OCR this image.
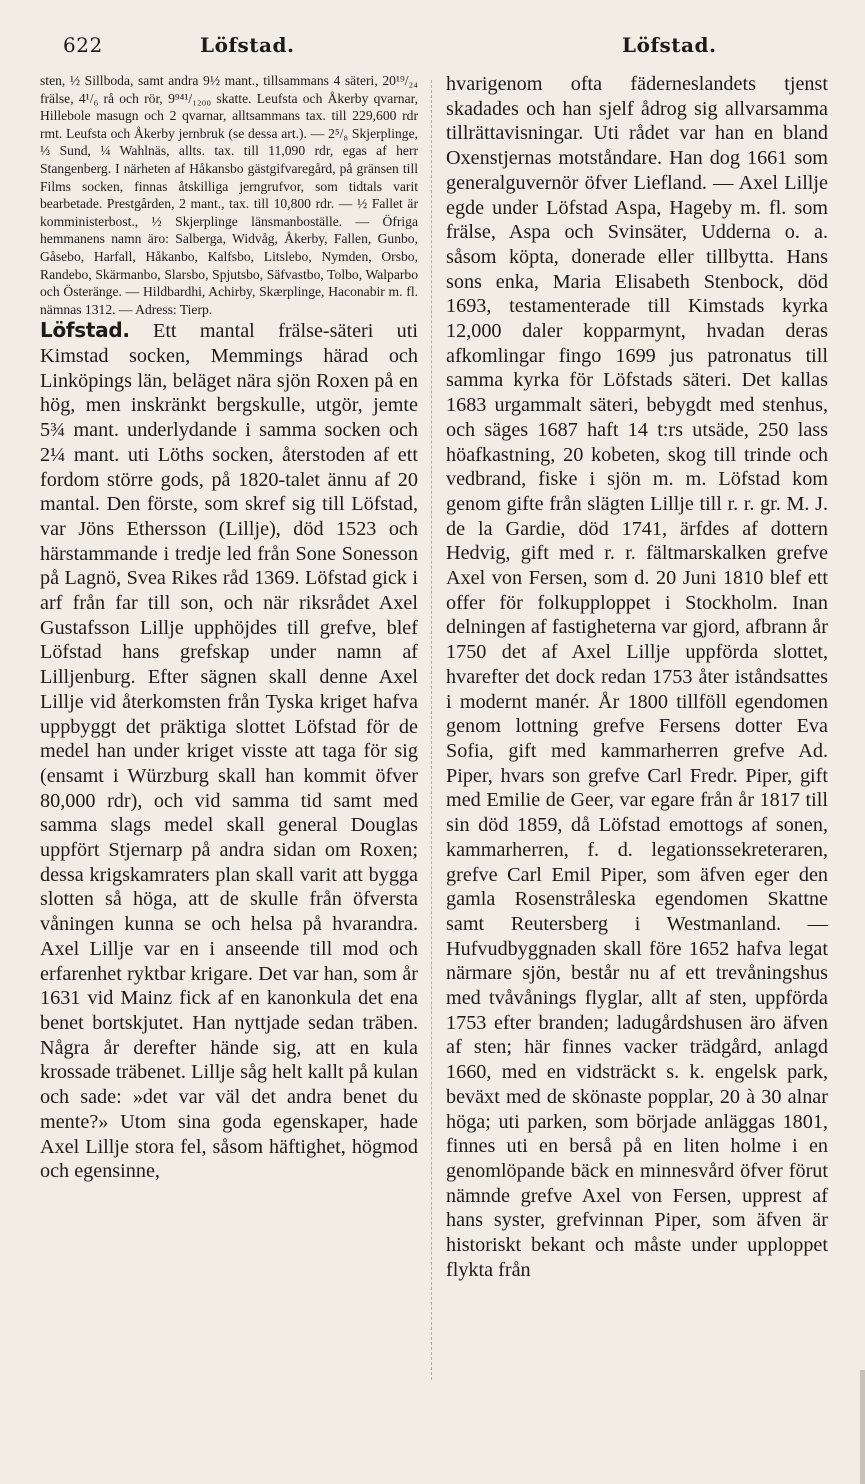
622	Löfstad.	Löfstad.

sten, ½ Sillboda, samt andra 9½ mant., tillsammans 4 säteri, 20¹⁹/₂₄ frälse, 4¹/₆ rå och rör, 9⁹⁴¹/₁₂₀₀ skatte. Leufsta och Åkerby qvarnar, Hillebole masugn och 2 qvarnar, alltsammans tax. till 229,600 rdr rmt. Leufsta och Åkerby jernbruk (se dessa art.). — 2⁵/₈ Skjerplinge, ⅓ Sund, ¼ Wahlnäs, allts. tax. till 11,090 rdr, egas af herr Stangenberg. I närheten af Håkansbo gästgifvaregård, på gränsen till Films socken, finnas åtskilliga jerngrufvor, som tidtals varit bearbetade. Prestgården, 2 mant., tax. till 10,800 rdr. — ½ Fallet är komministerbost., ½ Skjerplinge länsmanboställe. — Öfriga hemmanens namn äro: Salberga, Widvåg, Åkerby, Fallen, Gunbo, Gåsebo, Harfall, Håkanbo, Kalfsbo, Litslebo, Nymden, Orsbo, Randebo, Skärmanbo, Slarsbo, Spjutsbo, Säfvastbo, Tolbo, Walparbo och Österänge. — Hildbardhi, Achirby, Skærplinge, Haconabir m. fl. nämnas 1312. — Adress: Tierp.

Löfstad. Ett mantal frälse-säteri uti Kimstad socken, Memmings härad och Linköpings län, beläget nära sjön Roxen på en hög, men inskränkt bergskulle, utgör, jemte 5¾ mant. underlydande i samma socken och 2¼ mant. uti Löths socken, återstoden af ett fordom större gods, på 1820-talet ännu af 20 mantal. Den förste, som skref sig till Löfstad, var Jöns Ethersson (Lillje), död 1523 och härstammande i tredje led från Sone Sonesson på Lagnö, Svea Rikes råd 1369. Löfstad gick i arf från far till son, och när riksrådet Axel Gustafsson Lillje upphöjdes till grefve, blef Löfstad hans grefskap under namn af Lilljenburg. Efter sägnen skall denne Axel Lillje vid återkomsten från Tyska kriget hafva uppbyggt det präktiga slottet Löfstad för de medel han under kriget visste att taga för sig (ensamt i Würzburg skall han kommit öfver 80,000 rdr), och vid samma tid samt med samma slags medel skall general Douglas uppfört Stjernarp på andra sidan om Roxen; dessa krigskamraters plan skall varit att bygga slotten så höga, att de skulle från öfversta våningen kunna se och helsa på hvarandra. Axel Lillje var en i anseende till mod och erfarenhet ryktbar krigare. Det var han, som år 1631 vid Mainz fick af en kanonkula det ena benet bortskjutet. Han nyttjade sedan träben. Några år derefter hände sig, att en kula krossade träbenet. Lillje såg helt kallt på kulan och sade: »det var väl det andra benet du mente?» Utom sina goda egenskaper, hade Axel Lillje stora fel, såsom häftighet, högmod och egensinne,

hvarigenom ofta fäderneslandets tjenst skadades och han sjelf ådrog sig allvarsamma tillrättavisningar. Uti rådet var han en bland Oxenstjernas motståndare. Han dog 1661 som generalguvernör öfver Liefland. — Axel Lillje egde under Löfstad Aspa, Hageby m. fl. som frälse, Aspa och Svinsäter, Udderna o. a. såsom köpta, donerade eller tillbytta. Hans sons enka, Maria Elisabeth Stenbock, död 1693, testamenterade till Kimstads kyrka 12,000 daler kopparmynt, hvadan deras afkomlingar fingo 1699 jus patronatus till samma kyrka för Löfstads säteri. Det kallas 1683 urgammalt säteri, bebygdt med stenhus, och säges 1687 haft 14 t:rs utsäde, 250 lass höafkastning, 20 kobeten, skog till trinde och vedbrand, fiske i sjön m. m. Löfstad kom genom gifte från slägten Lillje till r. r. gr. M. J. de la Gardie, död 1741, ärfdes af dottern Hedvig, gift med r. r. fältmarskalken grefve Axel von Fersen, som d. 20 Juni 1810 blef ett offer för folkupploppet i Stockholm. Inan delningen af fastigheterna var gjord, afbrann år 1750 det af Axel Lillje uppförda slottet, hvarefter det dock redan 1753 åter iståndsattes i modernt manér. År 1800 tillföll egendomen genom lottning grefve Fersens dotter Eva Sofia, gift med kammarherren grefve Ad. Piper, hvars son grefve Carl Fredr. Piper, gift med Emilie de Geer, var egare från år 1817 till sin död 1859, då Löfstad emottogs af sonen, kammarherren, f. d. legationssekreteraren, grefve Carl Emil Piper, som äfven eger den gamla Rosenstråleska egendomen Skattne samt Reutersberg i Westmanland. — Hufvudbyggnaden skall före 1652 hafva legat närmare sjön, består nu af ett trevåningshus med tvåvånings flyglar, allt af sten, uppförda 1753 efter branden; ladugårdshusen äro äfven af sten; här finnes vacker trädgård, anlagd 1660, med en vidsträckt s. k. engelsk park, beväxt med de skönaste popplar, 20 à 30 alnar höga; uti parken, som började anläggas 1801, finnes uti en berså på en liten holme i en genomlöpande bäck en minnesvård öfver förut nämnde grefve Axel von Fersen, upprest af hans syster, grefvinnan Piper, som äfven är historiskt bekant och måste under upploppet flykta från
